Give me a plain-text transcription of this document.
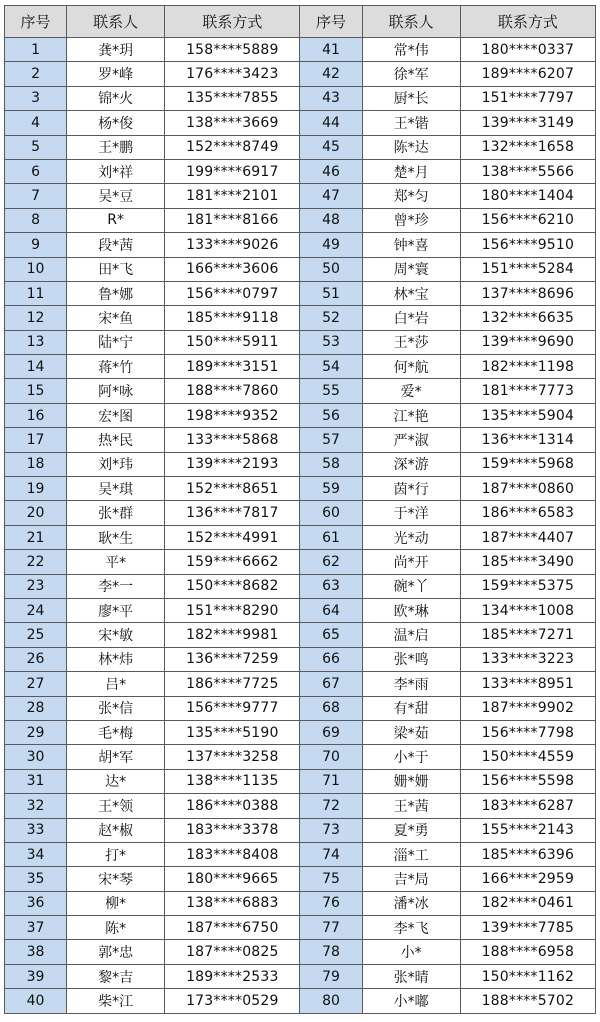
序号	联系人	联系方式	序号	联系人	联系方式
1	龚*玥	158****5889	41	常*伟	180****0337
2	罗*峰	176****3423	42	徐*军	189****6207
3	锦*火	135****7855	43	厨*长	151****7797
4	杨*俊	138****3669	44	王*锴	139****3149
5	王*鹏	152****8749	45	陈*达	132****1658
6	刘*祥	199****6917	46	楚*月	138****5566
7	吴*豆	181****2101	47	郑*匀	180****1404
8	R*	181****8166	48	曾*珍	156****6210
9	段*茜	133****9026	49	钟*喜	156****9510
10	田*飞	166****3606	50	周*寰	151****5284
11	鲁*娜	156****0797	51	林*宝	137****8696
12	宋*鱼	185****9118	52	白*岩	132****6635
13	陆*宁	150****5911	53	王*莎	139****9690
14	蒋*竹	189****3151	54	何*航	182****1198
15	阿*咏	188****7860	55	爱*	181****7773
16	宏*图	198****9352	56	江*艳	135****5904
17	热*民	133****5868	57	严*淑	136****1314
18	刘*玮	139****2193	58	深*游	159****5968
19	吴*琪	152****8651	59	茵*行	187****0860
20	张*群	136****7817	60	于*洋	186****6583
21	耿*生	152****4991	61	光*动	187****4407
22	平*	159****6662	62	尚*开	185****3490
23	李*一	150****8682	63	碗*丫	159****5375
24	廖*平	151****8290	64	欧*琳	134****1008
25	宋*敏	182****9981	65	温*启	185****7271
26	林*炜	136****7259	66	张*鸣	133****3223
27	吕*	186****7725	67	李*雨	133****8951
28	张*信	156****9777	68	有*甜	187****9902
29	毛*梅	135****5190	69	梁*茹	156****7798
30	胡*军	137****3258	70	小*于	150****4559
31	达*	138****1135	71	姗*姗	156****5598
32	王*领	186****0388	72	王*茜	183****6287
33	赵*椒	183****3378	73	夏*勇	155****2143
34	打*	183****8408	74	淄*工	185****6396
35	宋*琴	180****9665	75	吉*局	166****2959
36	柳*	138****6883	76	潘*冰	182****0461
37	陈*	187****6750	77	李*飞	139****7785
38	郭*忠	187****0825	78	小*	188****6958
39	黎*吉	189****2533	79	张*晴	150****1162
40	柴*江	173****0529	80	小*嘟	188****5702
